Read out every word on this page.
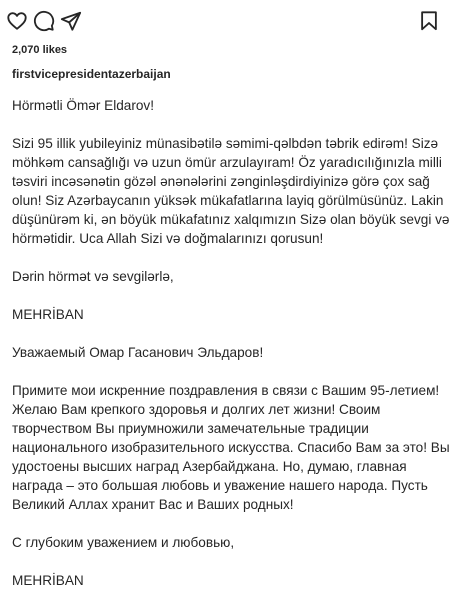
2,070 likes
firstvicepresidentazerbaijan

Hörmətli Ömər Eldarov!

Sizi 95 illik yubileyiniz münasibətilə səmimi-qəlbdən təbrik edirəm! Sizə möhkəm cansağlığı və uzun ömür arzulayıram! Öz yaradıcılığınızla milli təsviri incəsənətin gözəl ənənələrini zənginləşdirdiyinizə görə çox sağ olun! Siz Azərbaycanın yüksək mükafatlarına layiq görülmüsünüz. Lakin düşünürəm ki, ən böyük mükafatınız xalqımızın Sizə olan böyük sevgi və hörmətidir. Uca Allah Sizi və doğmalarınızı qorusun!

Dərin hörmət və sevgilərlə,

MEHRİBAN

Уважаемый Омар Гасанович Эльдаров!

Примите мои искренние поздравления в связи с Вашим 95-летием! Желаю Вам крепкого здоровья и долгих лет жизни! Своим творчеством Вы приумножили замечательные традиции национального изобразительного искусства. Спасибо Вам за это! Вы удостоены высших наград Азербайджана. Но, думаю, главная награда – это большая любовь и уважение нашего народа. Пусть Великий Аллах хранит Вас и Ваших родных!

С глубоким уважением и любовью,

MEHRİBAN
